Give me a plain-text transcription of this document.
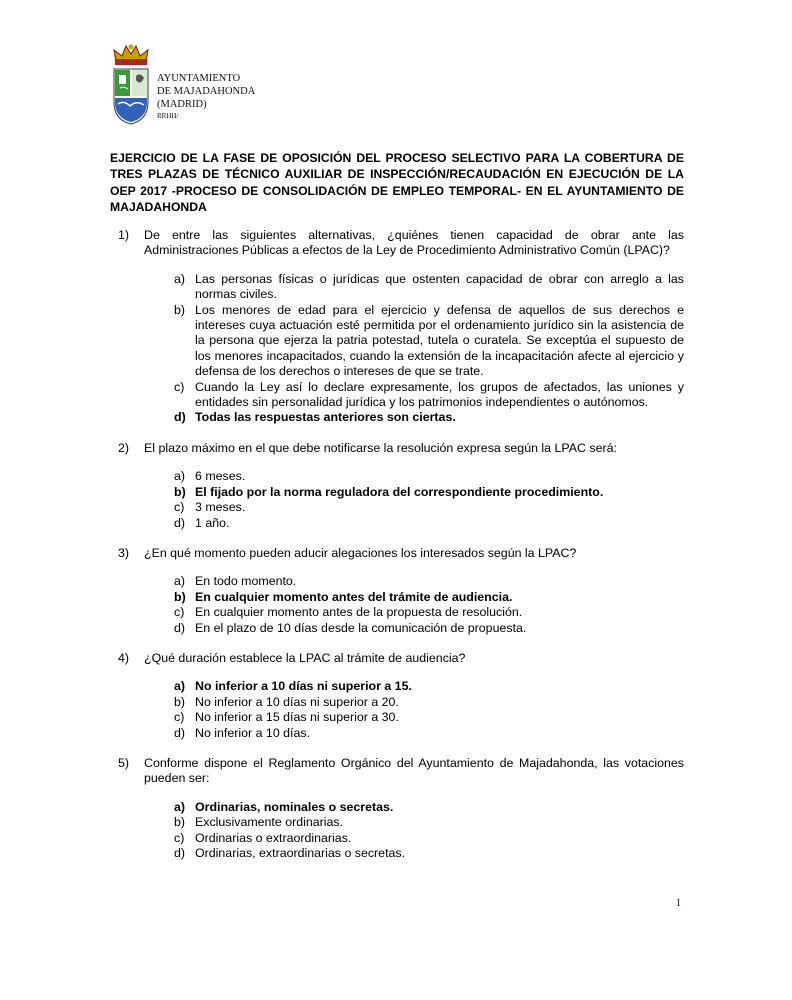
AYUNTAMIENTO
DE MAJADAHONDA
(MADRID)
RRHH/
EJERCICIO DE LA FASE DE OPOSICIÓN DEL PROCESO SELECTIVO PARA LA COBERTURA DE TRES PLAZAS DE TÉCNICO AUXILIAR DE INSPECCIÓN/RECAUDACIÓN EN EJECUCIÓN DE LA OEP 2017 -PROCESO DE CONSOLIDACIÓN DE EMPLEO TEMPORAL- EN EL AYUNTAMIENTO DE MAJADAHONDA
1) De entre las siguientes alternativas, ¿quiénes tienen capacidad de obrar ante las Administraciones Públicas a efectos de la Ley de Procedimiento Administrativo Común (LPAC)?
a) Las personas físicas o jurídicas que ostenten capacidad de obrar con arreglo a las normas civiles.
b) Los menores de edad para el ejercicio y defensa de aquellos de sus derechos e intereses cuya actuación esté permitida por el ordenamiento jurídico sin la asistencia de la persona que ejerza la patria potestad, tutela o curatela. Se exceptúa el supuesto de los menores incapacitados, cuando la extensión de la incapacitación afecte al ejercicio y defensa de los derechos o intereses de que se trate.
c) Cuando la Ley así lo declare expresamente, los grupos de afectados, las uniones y entidades sin personalidad jurídica y los patrimonios independientes o autónomos.
d) Todas las respuestas anteriores son ciertas.
2) El plazo máximo en el que debe notificarse la resolución expresa según la LPAC será:
a) 6 meses.
b) El fijado por la norma reguladora del correspondiente procedimiento.
c) 3 meses.
d) 1 año.
3) ¿En qué momento pueden aducir alegaciones los interesados según la LPAC?
a) En todo momento.
b) En cualquier momento antes del trámite de audiencia.
c) En cualquier momento antes de la propuesta de resolución.
d) En el plazo de 10 días desde la comunicación de propuesta.
4) ¿Qué duración establece la LPAC al trámite de audiencia?
a) No inferior a 10 días ni superior a 15.
b) No inferior a 10 días ni superior a 20.
c) No inferior a 15 días ni superior a 30.
d) No inferior a 10 días.
5) Conforme dispone el Reglamento Orgánico del Ayuntamiento de Majadahonda, las votaciones pueden ser:
a) Ordinarias, nominales o secretas.
b) Exclusivamente ordinarias.
c) Ordinarias o extraordinarias.
d) Ordinarias, extraordinarias o secretas.
1
